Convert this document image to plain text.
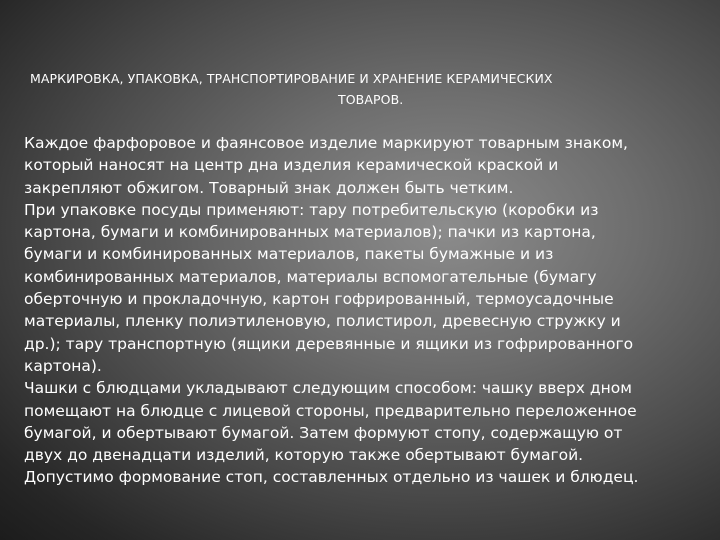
МАРКИРОВКА, УПАКОВКА, ТРАНСПОРТИРОВАНИЕ И ХРАНЕНИЕ КЕРАМИЧЕСКИХ
ТОВАРОВ.

Каждое фарфоровое и фаянсовое изделие маркируют товарным знаком,

который наносят на центр дна изделия керамической краской и

закрепляют обжигом. Товарный знак должен быть четким.

При упаковке посуды применяют: тару потребительскую (коробки из

картона, бумаги и комбинированных материалов); пачки из картона,

бумаги и комбинированных материалов, пакеты бумажные и из

комбинированных материалов, материалы вспомогательные (бумагу

оберточную и прокладочную, картон гофрированный, термоусадочные

материалы, пленку полиэтиленовую, полистирол, древесную стружку и

др.); тару транспортную (ящики деревянные и ящики из гофрированного

картона).

Чашки с блюдцами укладывают следующим способом: чашку вверх дном

помещают на блюдце с лицевой стороны, предварительно переложенное

бумагой, и обертывают бумагой. Затем формуют стопу, содержащую от

двух до двенадцати изделий, которую также обертывают бумагой.

Допустимо формование стоп, составленных отдельно из чашек и блюдец.
